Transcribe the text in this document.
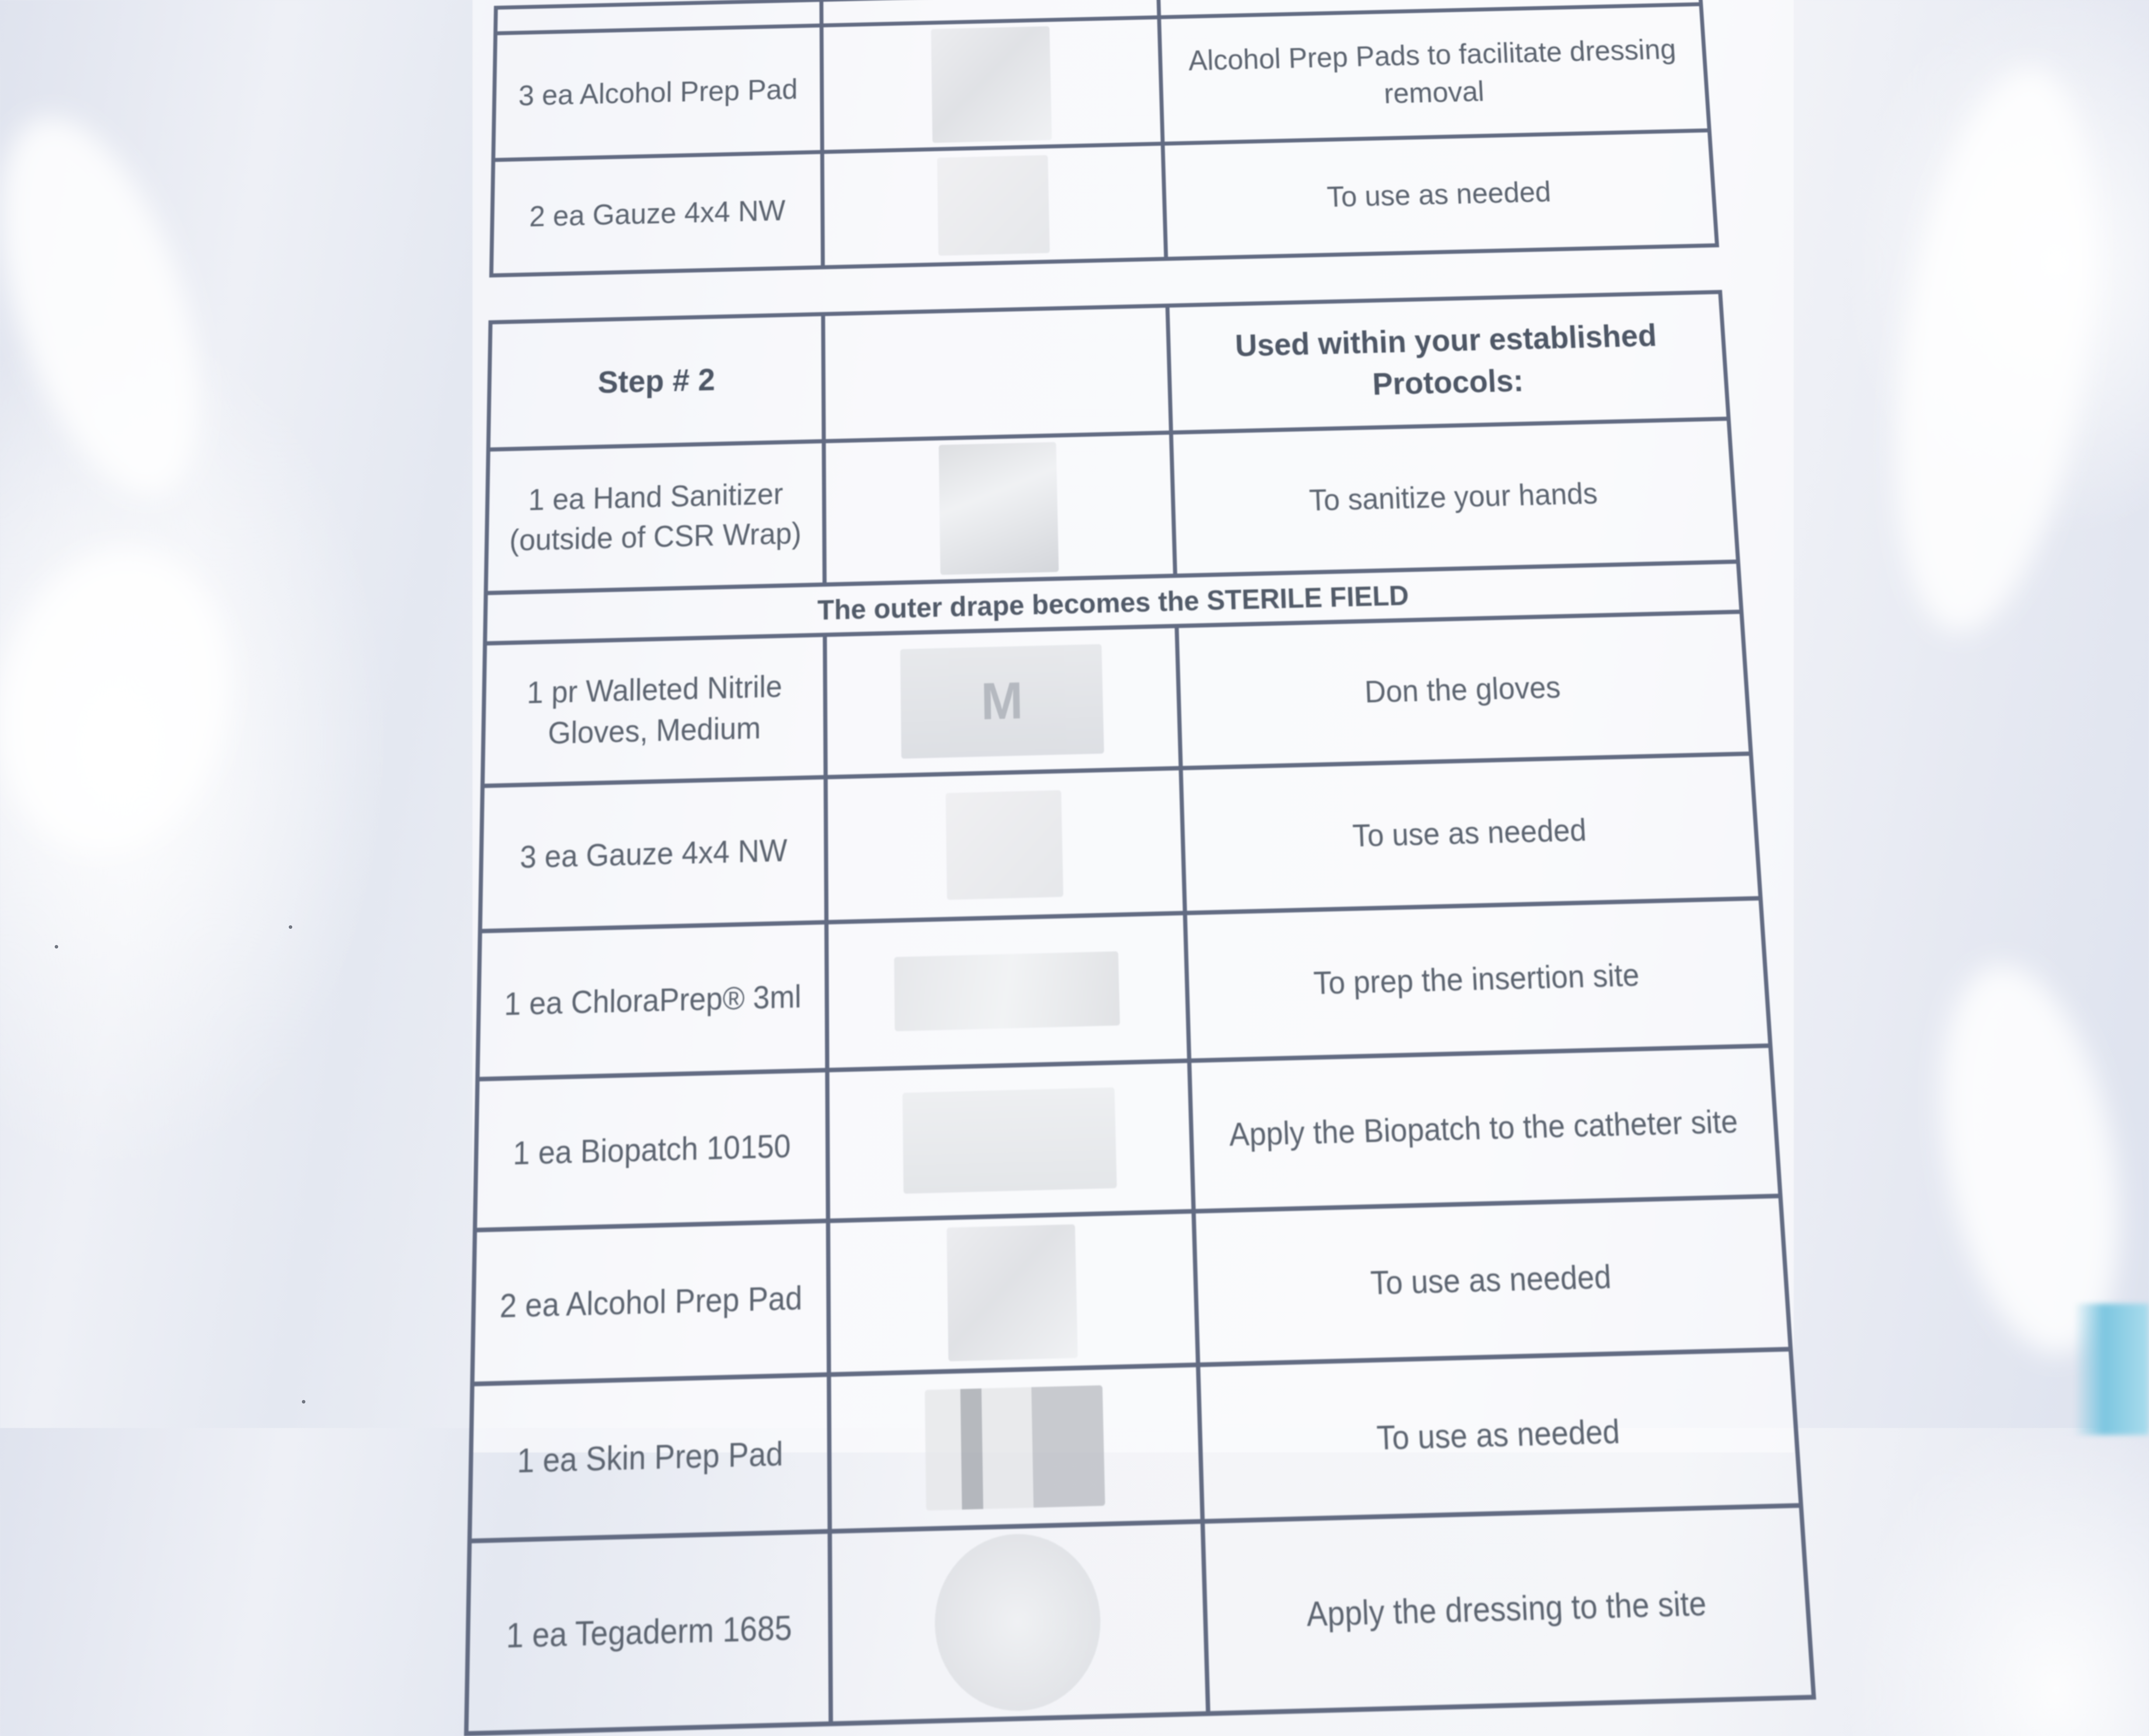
3 ea Alcohol Prep Pad		Alcohol Prep Pads to facilitate dressing removal
2 ea Gauze 4x4 NW		To use as needed
Step # 2		Used within your established Protocols:
1 ea Hand Sanitizer (outside of CSR Wrap)		To sanitize your hands
The outer drape becomes the STERILE FIELD		
1 pr Walleted Nitrile Gloves, Medium	M	Don the gloves
3 ea Gauze 4x4 NW		To use as needed
1 ea ChloraPrep® 3ml		To prep the insertion site
1 ea Biopatch 10150		Apply the Biopatch to the catheter site
2 ea Alcohol Prep Pad		To use as needed
1 ea Skin Prep Pad		To use as needed
1 ea Tegaderm 1685		Apply the dressing to the site
